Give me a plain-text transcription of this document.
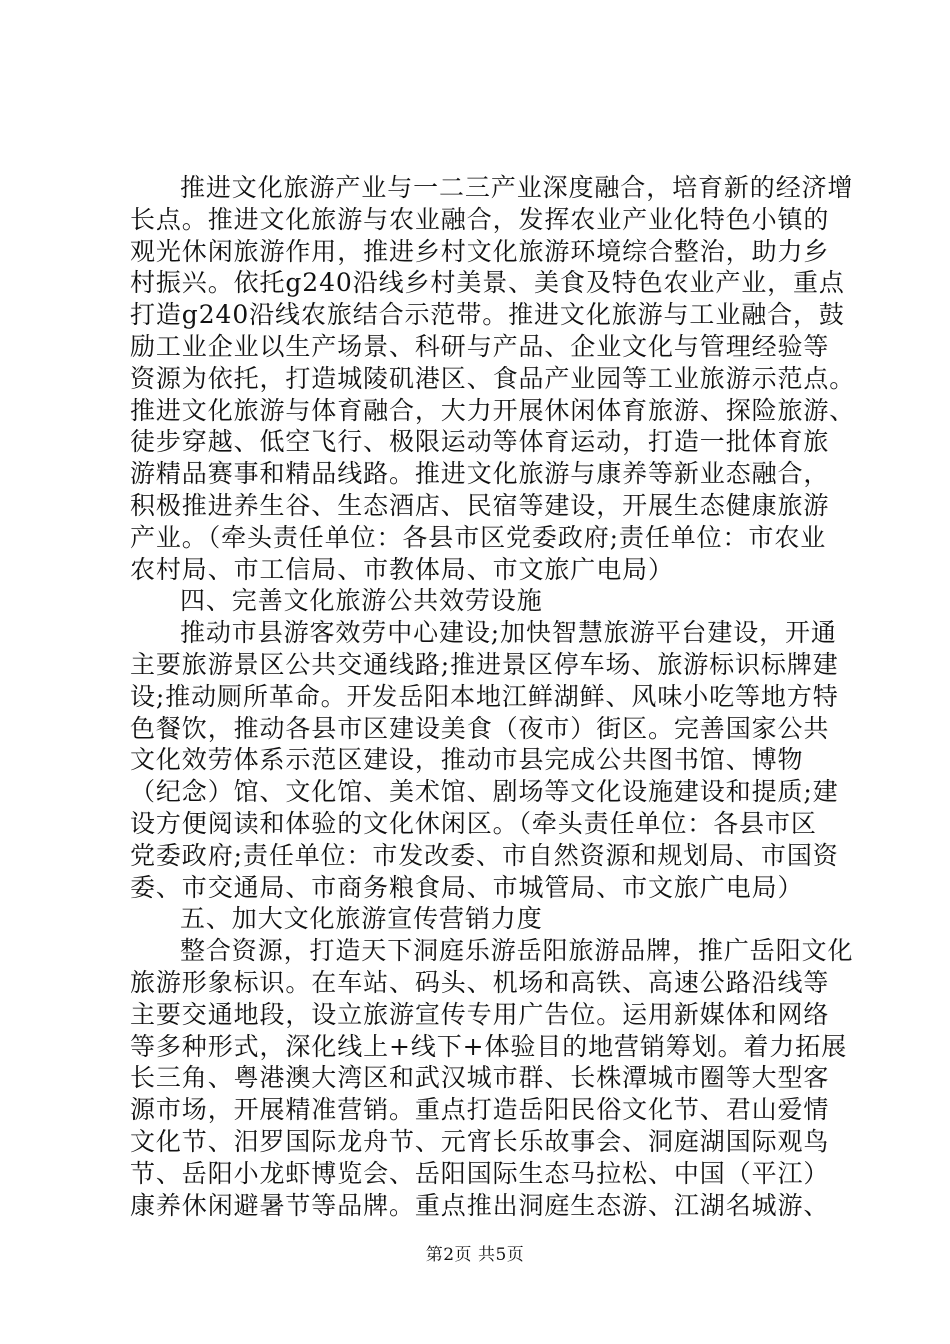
推进文化旅游产业与一二三产业深度融合，培育新的经济增
长点。推进文化旅游与农业融合，发挥农业产业化特色小镇的
观光休闲旅游作用，推进乡村文化旅游环境综合整治，助力乡
村振兴。依托g240沿线乡村美景、美食及特色农业产业，重点
打造g240沿线农旅结合示范带。推进文化旅游与工业融合，鼓
励工业企业以生产场景、科研与产品、企业文化与管理经验等
资源为依托，打造城陵矶港区、食品产业园等工业旅游示范点。
推进文化旅游与体育融合，大力开展休闲体育旅游、探险旅游、
徒步穿越、低空飞行、极限运动等体育运动，打造一批体育旅
游精品赛事和精品线路。推进文化旅游与康养等新业态融合，
积极推进养生谷、生态酒店、民宿等建设，开展生态健康旅游
产业。（牵头责任单位：各县市区党委政府;责任单位：市农业
农村局、市工信局、市教体局、市文旅广电局）
四、完善文化旅游公共效劳设施
推动市县游客效劳中心建设;加快智慧旅游平台建设，开通
主要旅游景区公共交通线路;推进景区停车场、旅游标识标牌建
设;推动厕所革命。开发岳阳本地江鲜湖鲜、风味小吃等地方特
色餐饮，推动各县市区建设美食（夜市）街区。完善国家公共
文化效劳体系示范区建设，推动市县完成公共图书馆、博物
（纪念）馆、文化馆、美术馆、剧场等文化设施建设和提质;建
设方便阅读和体验的文化休闲区。（牵头责任单位：各县市区
党委政府;责任单位：市发改委、市自然资源和规划局、市国资
委、市交通局、市商务粮食局、市城管局、市文旅广电局）
五、加大文化旅游宣传营销力度
整合资源，打造天下洞庭乐游岳阳旅游品牌，推广岳阳文化
旅游形象标识。在车站、码头、机场和高铁、高速公路沿线等
主要交通地段，设立旅游宣传专用广告位。运用新媒体和网络
等多种形式，深化线上+线下+体验目的地营销筹划。着力拓展
长三角、粤港澳大湾区和武汉城市群、长株潭城市圈等大型客
源市场，开展精准营销。重点打造岳阳民俗文化节、君山爱情
文化节、汨罗国际龙舟节、元宵长乐故事会、洞庭湖国际观鸟
节、岳阳小龙虾博览会、岳阳国际生态马拉松、中国（平江）
康养休闲避暑节等品牌。重点推出洞庭生态游、江湖名城游、
第2页 共5页
